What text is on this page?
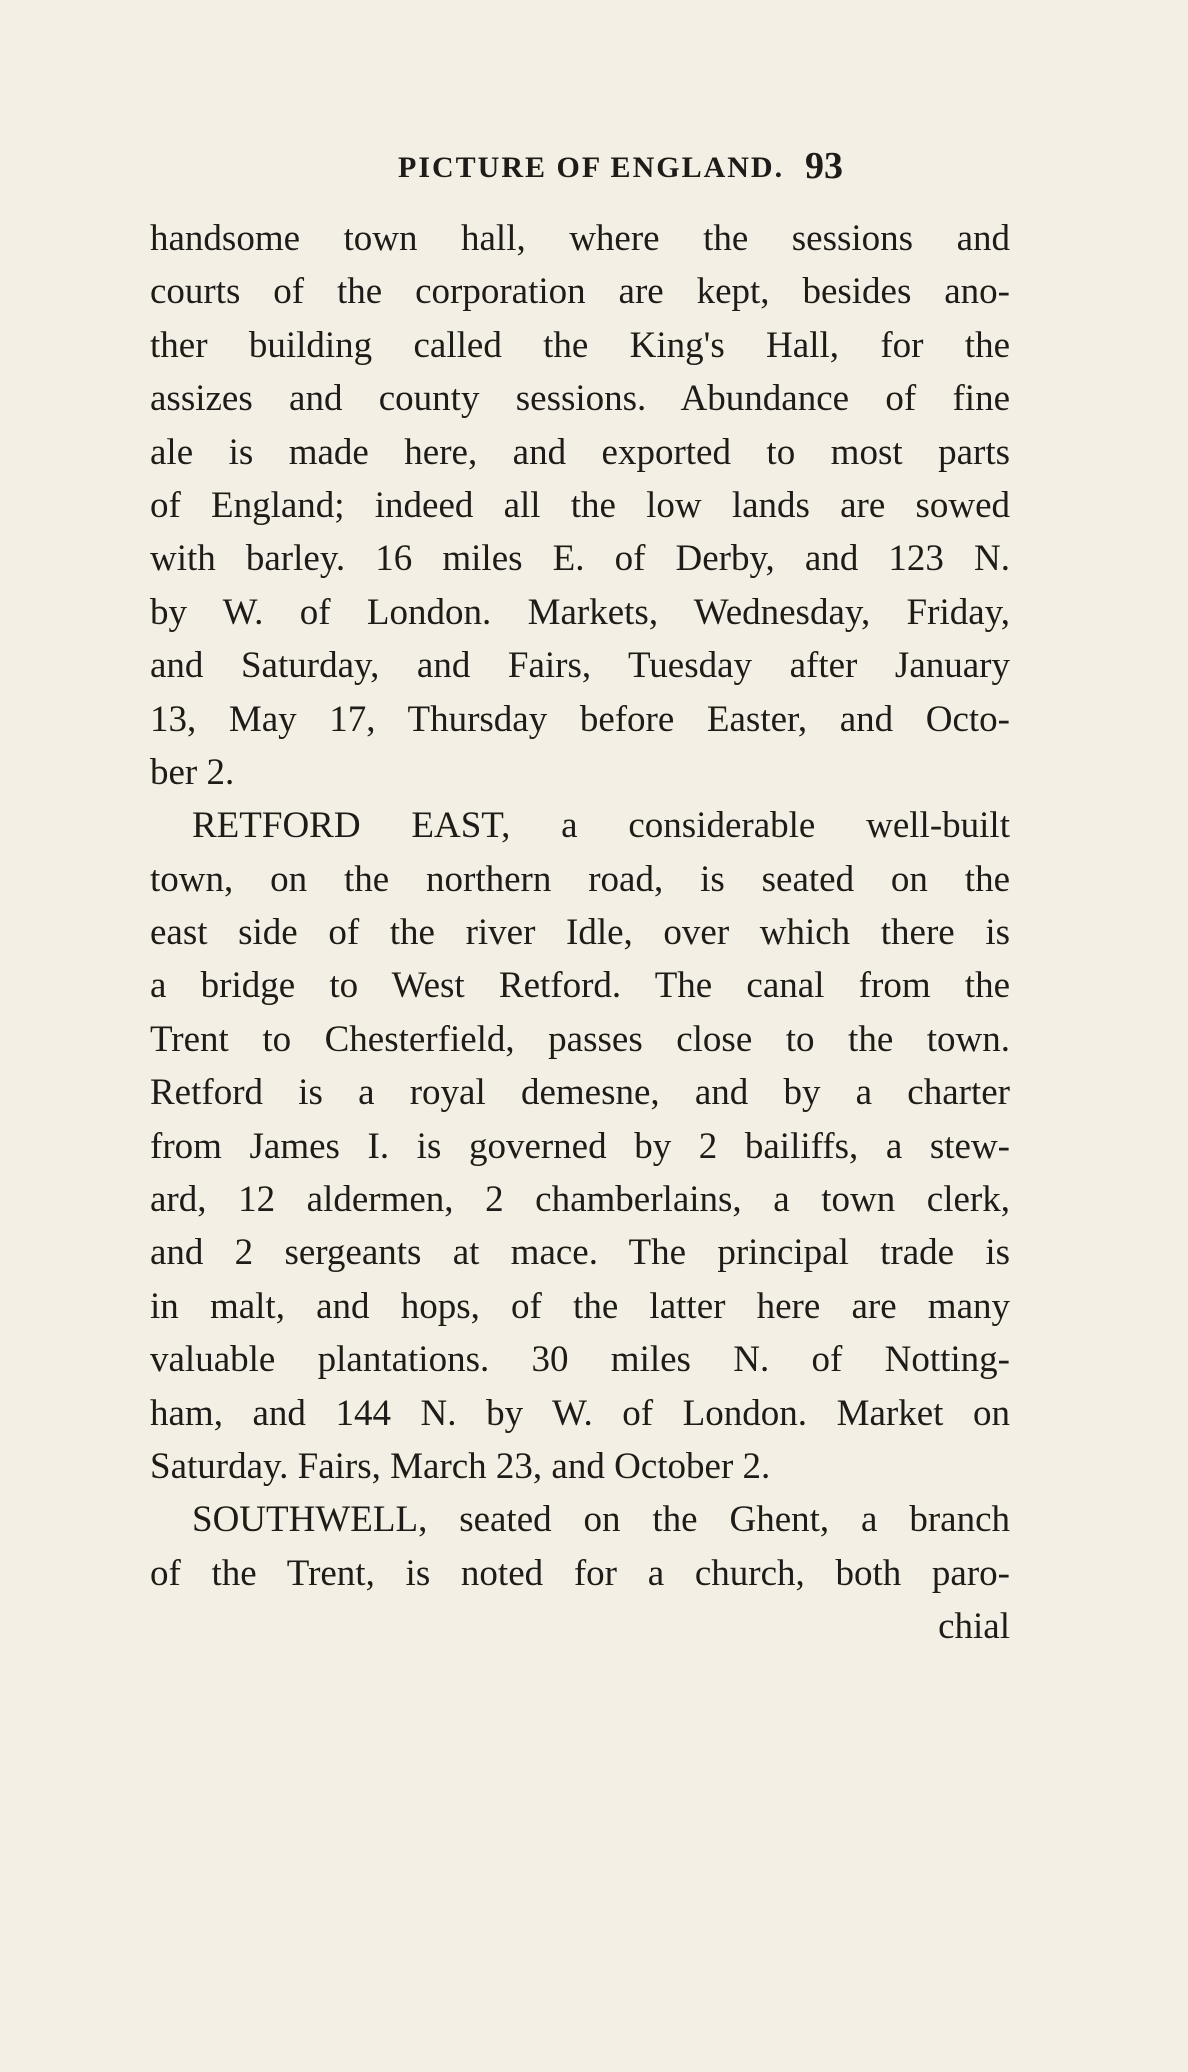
PICTURE OF ENGLAND. 93
handsome town hall, where the sessions and
courts of the corporation are kept, besides ano-
ther building called the King's Hall, for the
assizes and county sessions. Abundance of fine
ale is made here, and exported to most parts
of England; indeed all the low lands are sowed
with barley. 16 miles E. of Derby, and 123 N.
by W. of London. Markets, Wednesday, Friday,
and Saturday, and Fairs, Tuesday after January
13, May 17, Thursday before Easter, and Octo-
ber 2.
RETFORD EAST, a considerable well-built
town, on the northern road, is seated on the
east side of the river Idle, over which there is
a bridge to West Retford. The canal from the
Trent to Chesterfield, passes close to the town.
Retford is a royal demesne, and by a charter
from James I. is governed by 2 bailiffs, a stew-
ard, 12 aldermen, 2 chamberlains, a town clerk,
and 2 sergeants at mace. The principal trade is
in malt, and hops, of the latter here are many
valuable plantations. 30 miles N. of Notting-
ham, and 144 N. by W. of London. Market on
Saturday. Fairs, March 23, and October 2.
SOUTHWELL, seated on the Ghent, a branch
of the Trent, is noted for a church, both paro-
chial
